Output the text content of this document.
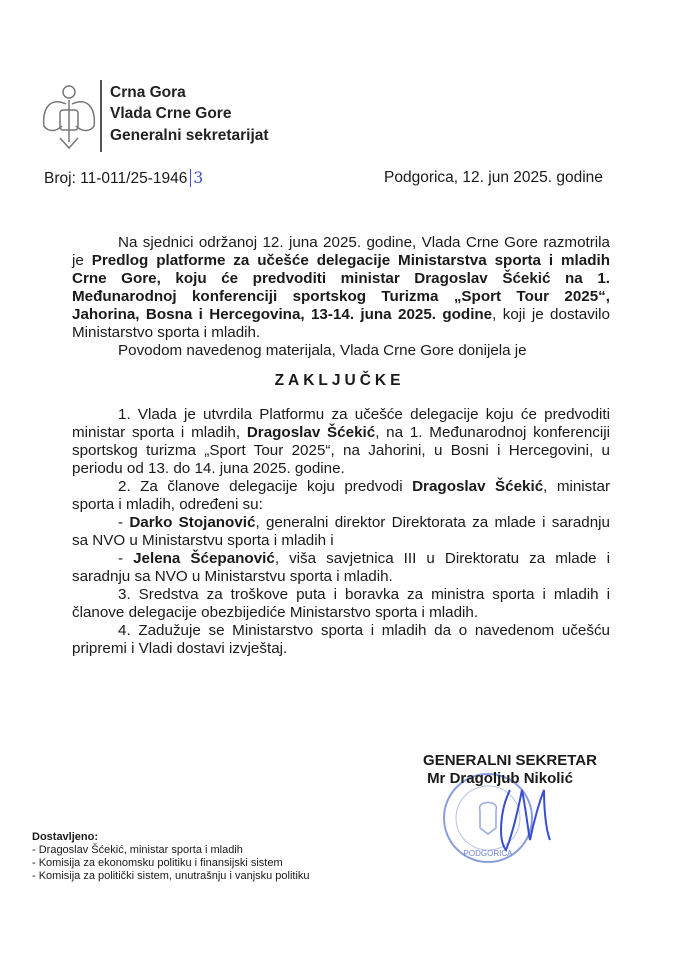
Crna Gora
Vlada Crne Gore
Generalni sekretarijat
Broj: 11-011/25-1946 3	Podgorica, 12. jun 2025. godine

Na sjednici održanoj 12. juna 2025. godine, Vlada Crne Gore razmotrila je Predlog platforme za učešće delegacije Ministarstva sporta i mladih Crne Gore, koju će predvoditi ministar Dragoslav Šćekić na 1. Međunarodnoj konferenciji sportskog Turizma „Sport Tour 2025“, Jahorina, Bosna i Hercegovina, 13-14. juna 2025. godine, koji je dostavilo Ministarstvo sporta i mladih.

Povodom navedenog materijala, Vlada Crne Gore donijela je

ZAKLJUČKE

1. Vlada je utvrdila Platformu za učešće delegacije koju će predvoditi ministar sporta i mladih, Dragoslav Šćekić, na 1. Međunarodnoj konferenciji sportskog turizma „Sport Tour 2025“, na Jahorini, u Bosni i Hercegovini, u periodu od 13. do 14. juna 2025. godine.

2. Za članove delegacije koju predvodi Dragoslav Šćekić, ministar sporta i mladih, određeni su:

- Darko Stojanović, generalni direktor Direktorata za mlade i saradnju sa NVO u Ministarstvu sporta i mladih i

- Jelena Šćepanović, viša savjetnica III u Direktoratu za mlade i saradnju sa NVO u Ministarstvu sporta i mladih.

3. Sredstva za troškove puta i boravka za ministra sporta i mladih i članove delegacije obezbijediće Ministarstvo sporta i mladih.

4. Zadužuje se Ministarstvo sporta i mladih da o navedenom učešću pripremi i Vladi dostavi izvještaj.

PODGORICA
GENERALNI SEKRETAR
Mr Dragoljub Nikolić
Dostavljeno:
- Dragoslav Šćekić, ministar sporta i mladih
- Komisija za ekonomsku politiku i finansijski sistem
- Komisija za politički sistem, unutrašnju i vanjsku politiku
